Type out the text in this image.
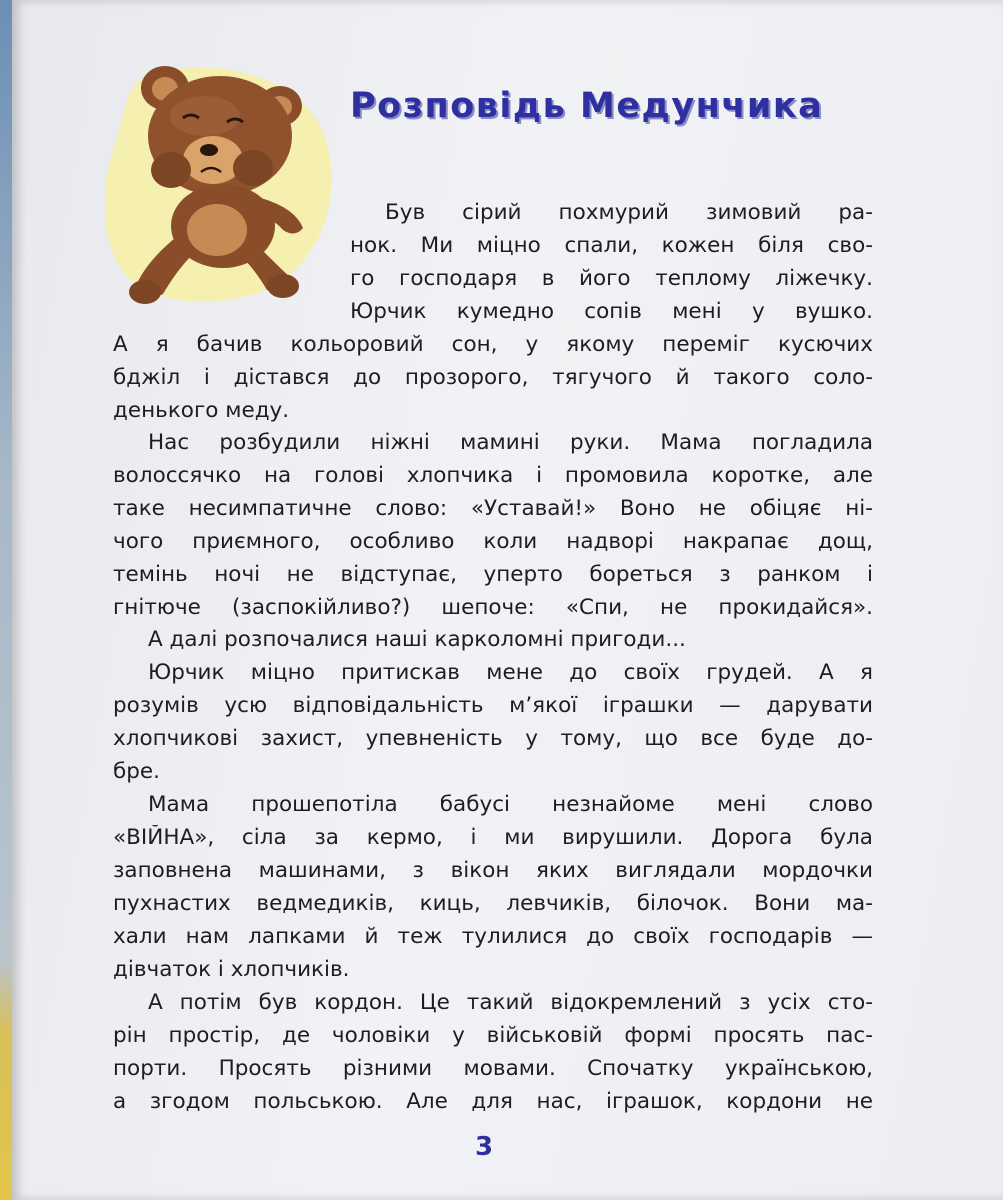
Розповідь Медунчика

Був сірий похмурий зимовий ра-

нок. Ми міцно спали, кожен біля сво-

го господаря в його теплому ліжечку.

Юрчик кумедно сопів мені у вушко.

А я бачив кольоровий сон, у якому переміг кусючих

бджіл і дістався до прозорого, тягучого й такого соло-

денького меду.

Нас розбудили ніжні мамині руки. Мама погладила

волоссячко на голові хлопчика і промовила коротке, але

таке несимпатичне слово: «Уставай!» Воно не обіцяє ні-

чого приємного, особливо коли надворі накрапає дощ,

темінь ночі не відступає, уперто бореться з ранком і

гнітюче (заспокійливо?) шепоче: «Спи, не прокидайся».

А далі розпочалися наші карколомні пригоди...

Юрчик міцно притискав мене до своїх грудей. А я

розумів усю відповідальність м’якої іграшки — дарувати

хлопчикові захист, упевненість у тому, що все буде до-

бре.

Мама прошепотіла бабусі незнайоме мені слово

«ВІЙНА», сіла за кермо, і ми вирушили. Дорога була

заповнена машинами, з вікон яких виглядали мордочки

пухнастих ведмедиків, киць, левчиків, білочок. Вони ма-

хали нам лапками й теж тулилися до своїх господарів —

дівчаток і хлопчиків.

А потім був кордон. Це такий відокремлений з усіх сто-

рін простір, де чоловіки у військовій формі просять пас-

порти. Просять різними мовами. Спочатку українською,

а згодом польською. Але для нас, іграшок, кордони не

3
